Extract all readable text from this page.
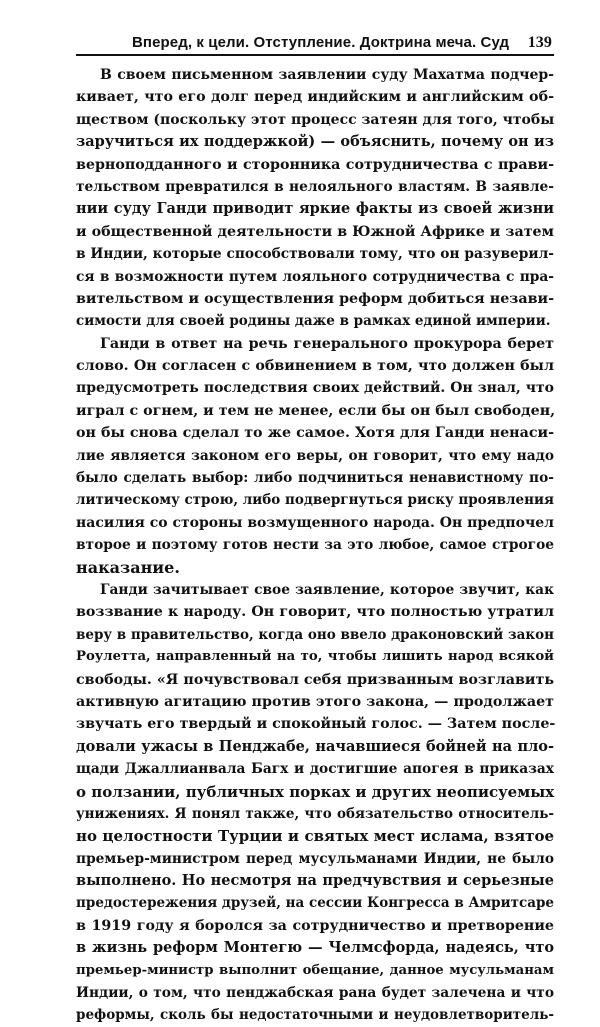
Вперед, к цели. Отступление. Доктрина меча. Суд 139
В своем письменном заявлении суду Махатма подчер-
кивает, что его долг перед индийским и английским об-
ществом (поскольку этот процесс затеян для того, чтобы
заручиться их поддержкой) — объяснить, почему он из
верноподданного и сторонника сотрудничества с прави-
тельством превратился в нелояльного властям. В заявле-
нии суду Ганди приводит яркие факты из своей жизни
и общественной деятельности в Южной Африке и затем
в Индии, которые способствовали тому, что он разуверил-
ся в возможности путем лояльного сотрудничества с пра-
вительством и осуществления реформ добиться незави-
симости для своей родины даже в рамках единой империи.
Ганди в ответ на речь генерального прокурора берет
слово. Он согласен с обвинением в том, что должен был
предусмотреть последствия своих действий. Он знал, что
играл с огнем, и тем не менее, если бы он был свободен,
он бы снова сделал то же самое. Хотя для Ганди ненаси-
лие является законом его веры, он говорит, что ему надо
было сделать выбор: либо подчиниться ненавистному по-
литическому строю, либо подвергнуться риску проявления
насилия со стороны возмущенного народа. Он предпочел
второе и поэтому готов нести за это любое, самое строгое
наказание.
Ганди зачитывает свое заявление, которое звучит, как
воззвание к народу. Он говорит, что полностью утратил
веру в правительство, когда оно ввело драконовский закон
Роулетта, направленный на то, чтобы лишить народ всякой
свободы. «Я почувствовал себя призванным возглавить
активную агитацию против этого закона, — продолжает
звучать его твердый и спокойный голос. — Затем после-
довали ужасы в Пенджабе, начавшиеся бойней на пло-
щади Джаллианвала Багх и достигшие апогея в приказах
о ползании, публичных порках и других неописуемых
унижениях. Я понял также, что обязательство относитель-
но целостности Турции и святых мест ислама, взятое
премьер-министром перед мусульманами Индии, не было
выполнено. Но несмотря на предчувствия и серьезные
предостережения друзей, на сессии Конгресса в Амритсаре
в 1919 году я боролся за сотрудничество и претворение
в жизнь реформ Монтегю — Челмсфорда, надеясь, что
премьер-министр выполнит обещание, данное мусульманам
Индии, о том, что пенджабская рана будет залечена и что
реформы, сколь бы недостаточными и неудовлетворитель-
